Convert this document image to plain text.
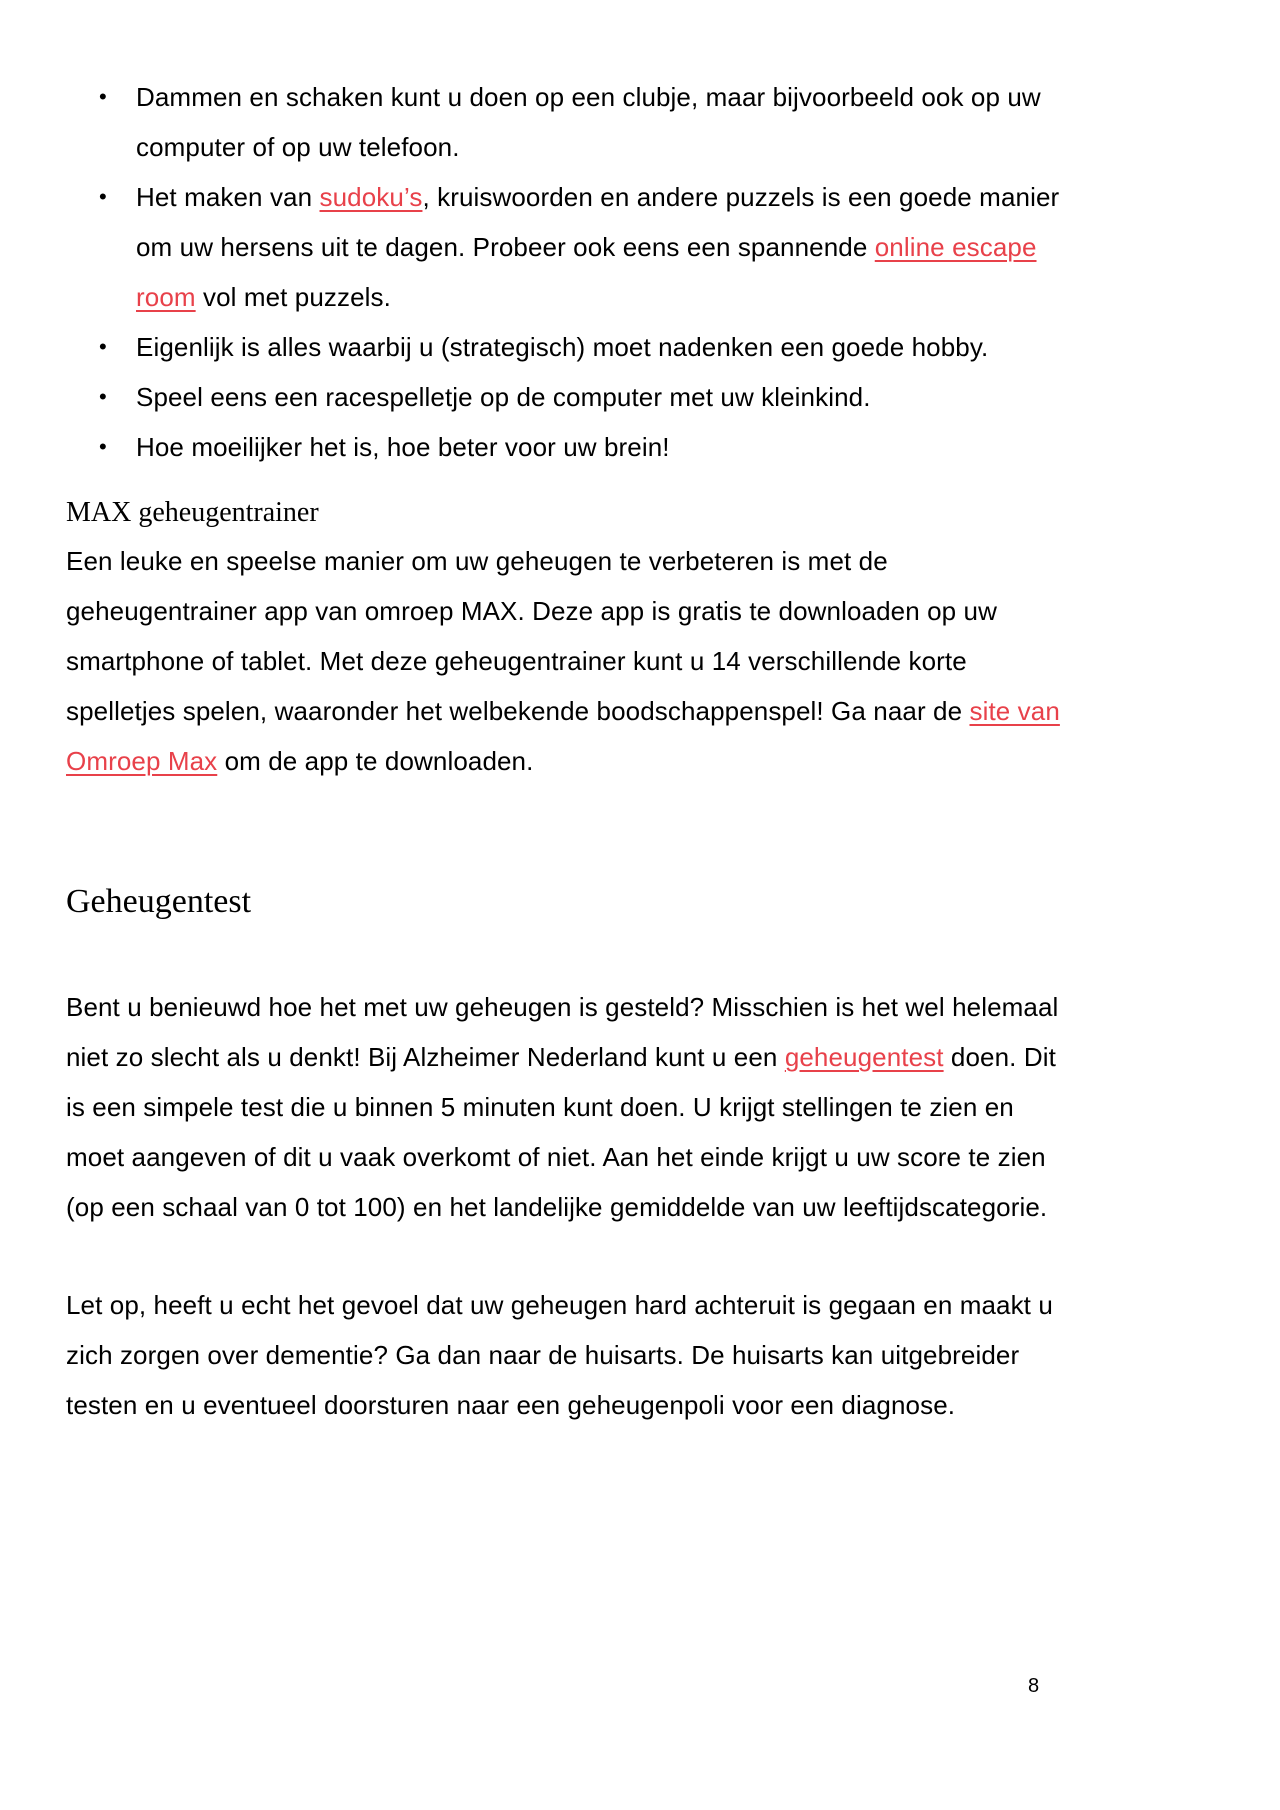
• Dammen en schaken kunt u doen op een clubje, maar bijvoorbeeld ook op uw computer of op uw telefoon.
• Het maken van sudoku’s, kruiswoorden en andere puzzels is een goede manier om uw hersens uit te dagen. Probeer ook eens een spannende online escape room vol met puzzels.
• Eigenlijk is alles waarbij u (strategisch) moet nadenken een goede hobby.
• Speel eens een racespelletje op de computer met uw kleinkind.
• Hoe moeilijker het is, hoe beter voor uw brein!
MAX geheugentrainer

Een leuke en speelse manier om uw geheugen te verbeteren is met de geheugentrainer app van omroep MAX. Deze app is gratis te downloaden op uw smartphone of tablet. Met deze geheugentrainer kunt u 14 verschillende korte spelletjes spelen, waaronder het welbekende boodschappenspel! Ga naar de site van Omroep Max om de app te downloaden.

Geheugentest

Bent u benieuwd hoe het met uw geheugen is gesteld? Misschien is het wel helemaal niet zo slecht als u denkt! Bij Alzheimer Nederland kunt u een geheugentest doen. Dit is een simpele test die u binnen 5 minuten kunt doen. U krijgt stellingen te zien en moet aangeven of dit u vaak overkomt of niet. Aan het einde krijgt u uw score te zien (op een schaal van 0 tot 100) en het landelijke gemiddelde van uw leeftijdscategorie.

Let op, heeft u echt het gevoel dat uw geheugen hard achteruit is gegaan en maakt u zich zorgen over dementie? Ga dan naar de huisarts. De huisarts kan uitgebreider testen en u eventueel doorsturen naar een geheugenpoli voor een diagnose.

8
